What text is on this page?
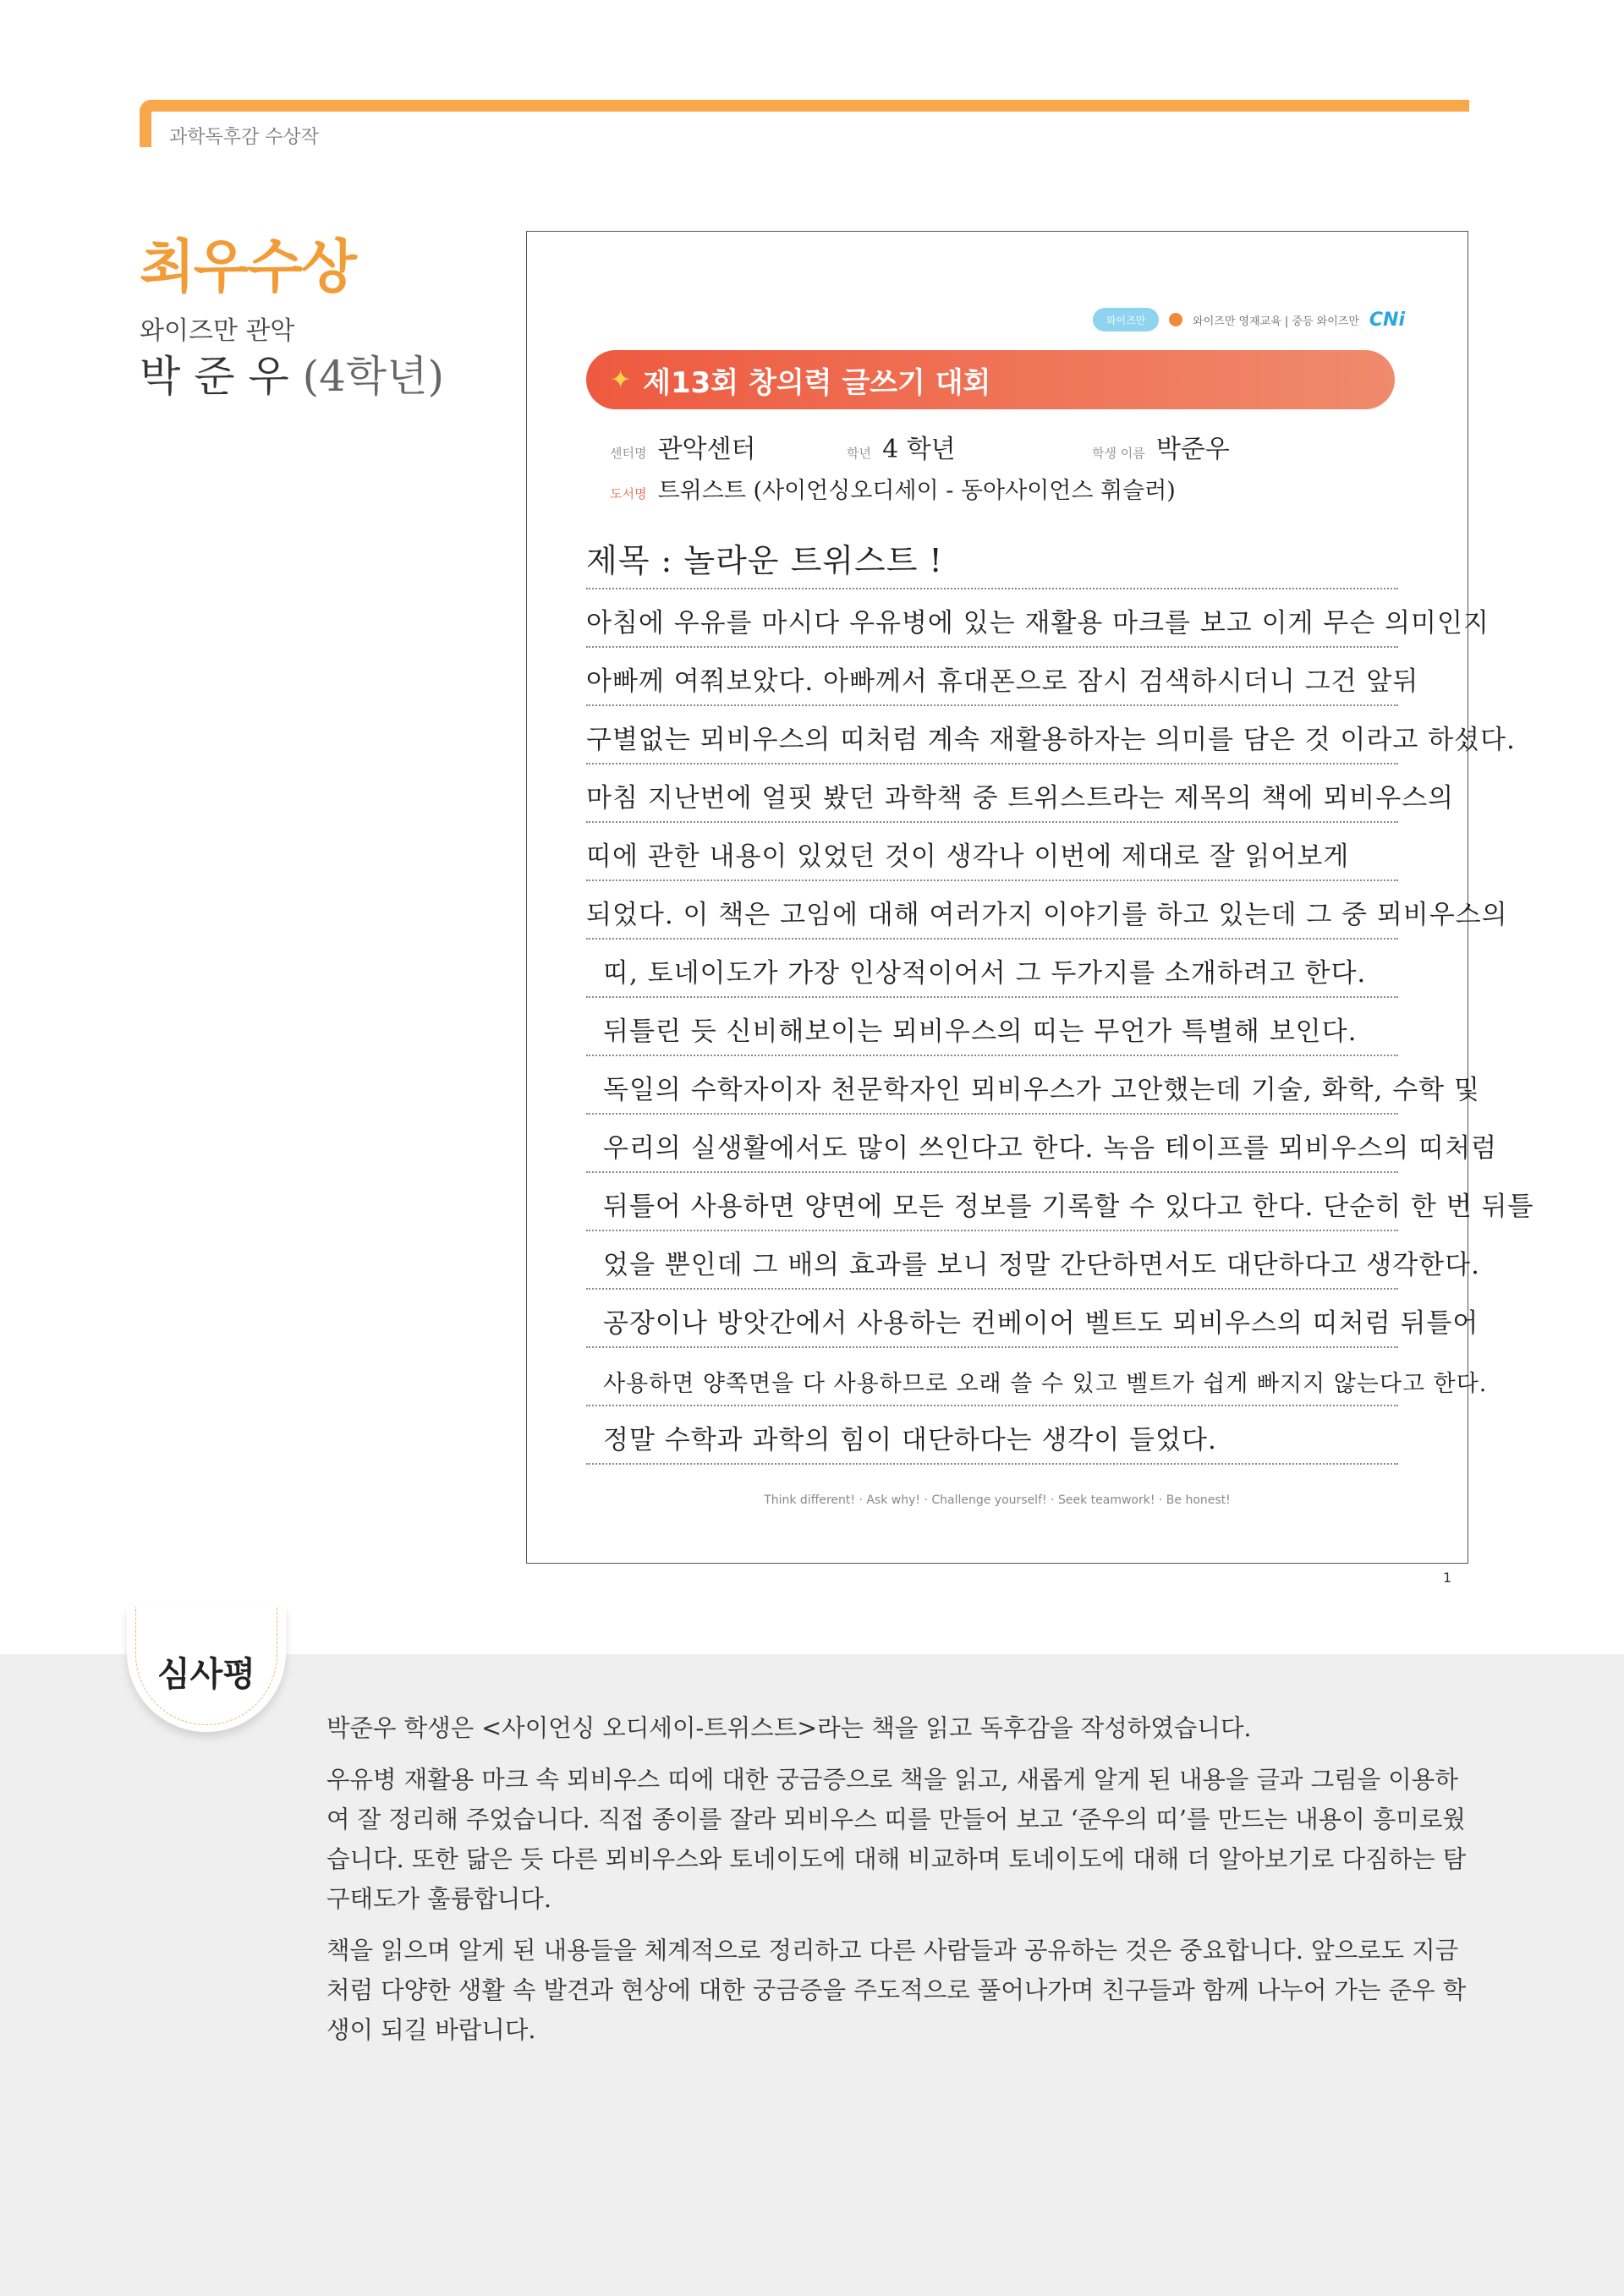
과학독후감 수상작
최우수상
와이즈만 관악
박 준 우 (4학년)
와이즈만	와이즈만 영재교육 | 중등 와이즈만 CNi
✦ 제13회 창의력 글쓰기 대회
센터명 관악센터	학년 4 학년	학생 이름 박준우
도서명 트위스트 (사이언싱오디세이 - 동아사이언스 휘슬러)
제목 : 놀라운 트위스트 !
아침에 우유를 마시다 우유병에 있는 재활용 마크를 보고 이게 무슨 의미인지
아빠께 여쭤보았다. 아빠께서 휴대폰으로 잠시 검색하시더니 그건 앞뒤
구별없는 뫼비우스의 띠처럼 계속 재활용하자는 의미를 담은 것 이라고 하셨다.
마침 지난번에 얼핏 봤던 과학책 중 트위스트라는 제목의 책에 뫼비우스의
띠에 관한 내용이 있었던 것이 생각나 이번에 제대로 잘 읽어보게
되었다. 이 책은 고임에 대해 여러가지 이야기를 하고 있는데 그 중 뫼비우스의
띠, 토네이도가 가장 인상적이어서 그 두가지를 소개하려고 한다.
뒤틀린 듯 신비해보이는 뫼비우스의 띠는 무언가 특별해 보인다.
독일의 수학자이자 천문학자인 뫼비우스가 고안했는데 기술, 화학, 수학 및
우리의 실생활에서도 많이 쓰인다고 한다. 녹음 테이프를 뫼비우스의 띠처럼
뒤틀어 사용하면 양면에 모든 정보를 기록할 수 있다고 한다. 단순히 한 번 뒤틀
었을 뿐인데 그 배의 효과를 보니 정말 간단하면서도 대단하다고 생각한다.
공장이나 방앗간에서 사용하는 컨베이어 벨트도 뫼비우스의 띠처럼 뒤틀어
사용하면 양쪽면을 다 사용하므로 오래 쓸 수 있고 벨트가 쉽게 빠지지 않는다고 한다.
정말 수학과 과학의 힘이 대단하다는 생각이 들었다.
Think different! · Ask why! · Challenge yourself! · Seek teamwork! · Be honest!
1
심사평

박준우 학생은 <사이언싱 오디세이-트위스트>라는 책을 읽고 독후감을 작성하였습니다.

우유병 재활용 마크 속 뫼비우스 띠에 대한 궁금증으로 책을 읽고, 새롭게 알게 된 내용을 글과 그림을 이용하여 잘 정리해 주었습니다. 직접 종이를 잘라 뫼비우스 띠를 만들어 보고 ‘준우의 띠’를 만드는 내용이 흥미로웠습니다. 또한 닮은 듯 다른 뫼비우스와 토네이도에 대해 비교하며 토네이도에 대해 더 알아보기로 다짐하는 탐구태도가 훌륭합니다.

책을 읽으며 알게 된 내용들을 체계적으로 정리하고 다른 사람들과 공유하는 것은 중요합니다. 앞으로도 지금처럼 다양한 생활 속 발견과 현상에 대한 궁금증을 주도적으로 풀어나가며 친구들과 함께 나누어 가는 준우 학생이 되길 바랍니다.
